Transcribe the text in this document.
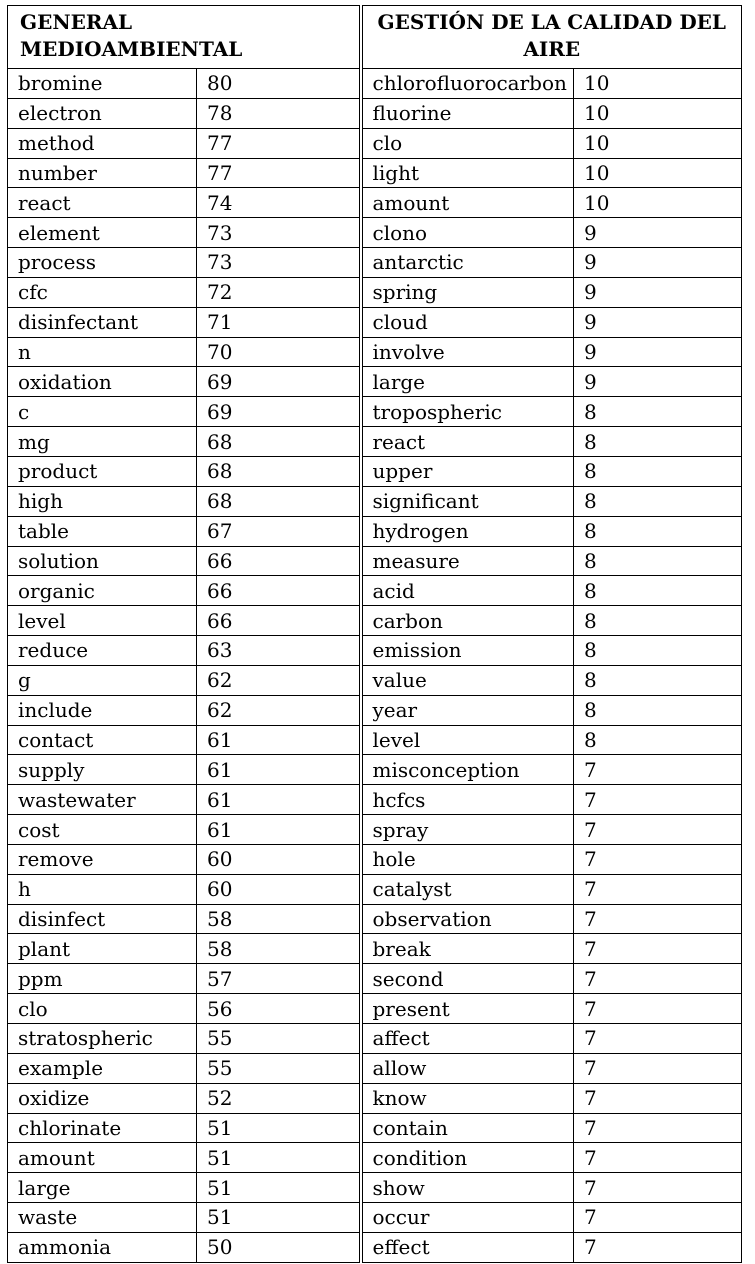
GENERAL MEDIOAMBIENTAL		GESTIÓN DE LA CALIDAD DEL AIRE	
bromine	80	chlorofluorocarbon	10
electron	78	fluorine	10
method	77	clo	10
number	77	light	10
react	74	amount	10
element	73	clono	9
process	73	antarctic	9
cfc	72	spring	9
disinfectant	71	cloud	9
n	70	involve	9
oxidation	69	large	9
c	69	tropospheric	8
mg	68	react	8
product	68	upper	8
high	68	significant	8
table	67	hydrogen	8
solution	66	measure	8
organic	66	acid	8
level	66	carbon	8
reduce	63	emission	8
g	62	value	8
include	62	year	8
contact	61	level	8
supply	61	misconception	7
wastewater	61	hcfcs	7
cost	61	spray	7
remove	60	hole	7
h	60	catalyst	7
disinfect	58	observation	7
plant	58	break	7
ppm	57	second	7
clo	56	present	7
stratospheric	55	affect	7
example	55	allow	7
oxidize	52	know	7
chlorinate	51	contain	7
amount	51	condition	7
large	51	show	7
waste	51	occur	7
ammonia	50	effect	7
